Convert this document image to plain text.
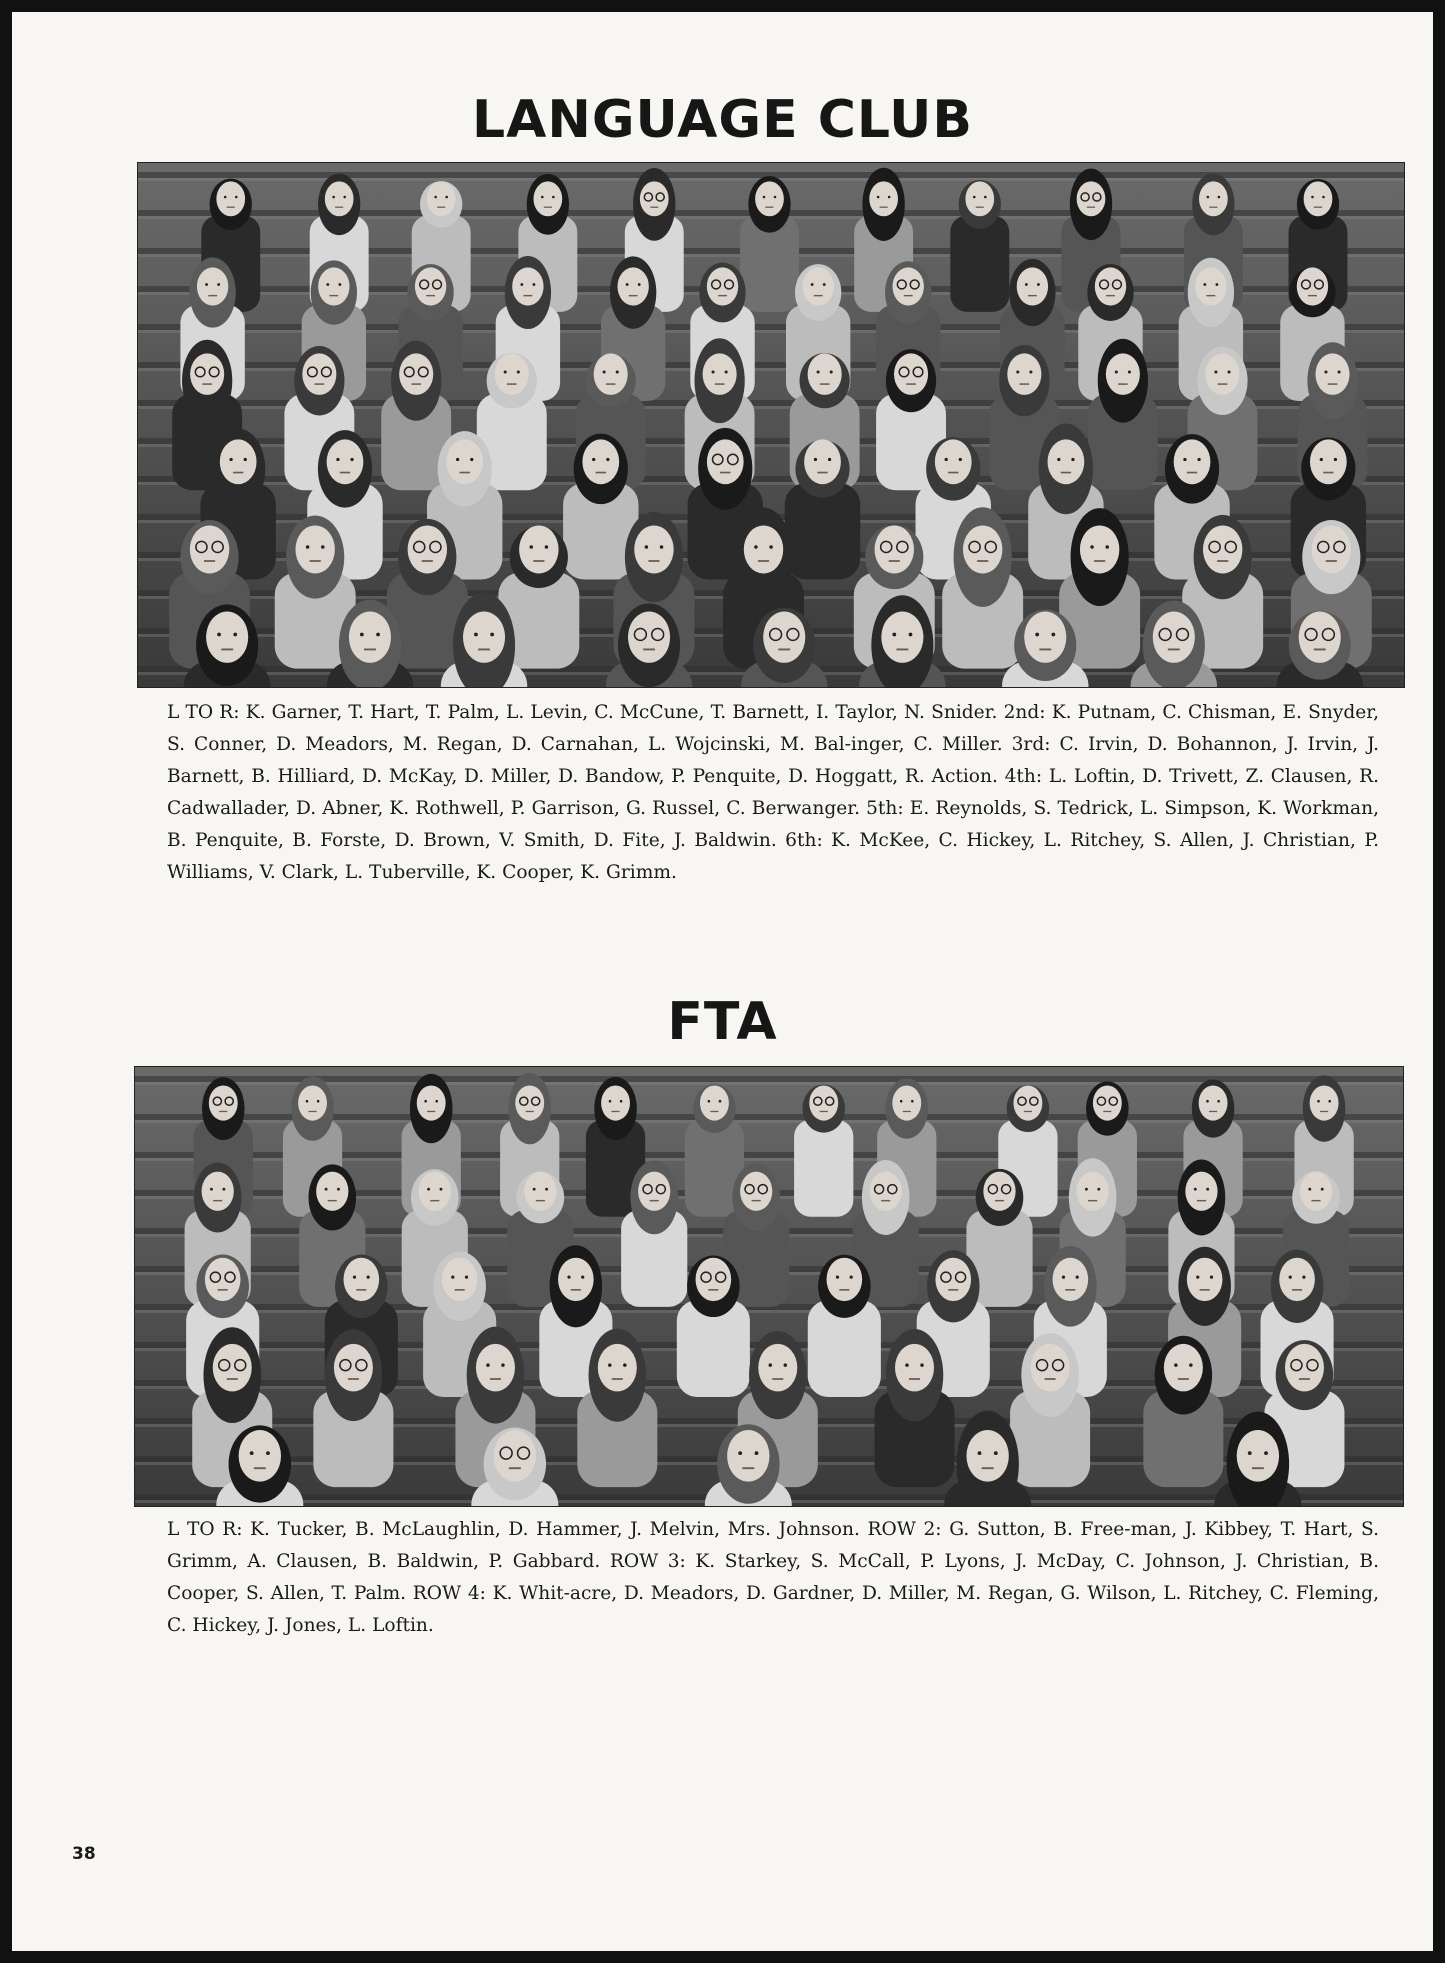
LANGUAGE CLUB

L TO R: K. Garner, T. Hart, T. Palm, L. Levin, C. McCune, T. Barnett, I. Taylor, N. Snider. 2nd: K. Putnam, C. Chisman, E. Snyder, S. Conner, D. Meadors, M. Regan, D. Carnahan, L. Wojcinski, M. Bal-inger, C. Miller. 3rd: C. Irvin, D. Bohannon, J. Irvin, J. Barnett, B. Hilliard, D. McKay, D. Miller, D. Bandow, P. Penquite, D. Hoggatt, R. Action. 4th: L. Loftin, D. Trivett, Z. Clausen, R. Cadwallader, D. Abner, K. Rothwell, P. Garrison, G. Russel, C. Berwanger. 5th: E. Reynolds, S. Tedrick, L. Simpson, K. Workman, B. Penquite, B. Forste, D. Brown, V. Smith, D. Fite, J. Baldwin. 6th: K. McKee, C. Hickey, L. Ritchey, S. Allen, J. Christian, P. Williams, V. Clark, L. Tuberville, K. Cooper, K. Grimm.

FTA

L TO R: K. Tucker, B. McLaughlin, D. Hammer, J. Melvin, Mrs. Johnson. ROW 2: G. Sutton, B. Free-man, J. Kibbey, T. Hart, S. Grimm, A. Clausen, B. Baldwin, P. Gabbard. ROW 3: K. Starkey, S. McCall, P. Lyons, J. McDay, C. Johnson, J. Christian, B. Cooper, S. Allen, T. Palm. ROW 4: K. Whit-acre, D. Meadors, D. Gardner, D. Miller, M. Regan, G. Wilson, L. Ritchey, C. Fleming, C. Hickey, J. Jones, L. Loftin.

38
